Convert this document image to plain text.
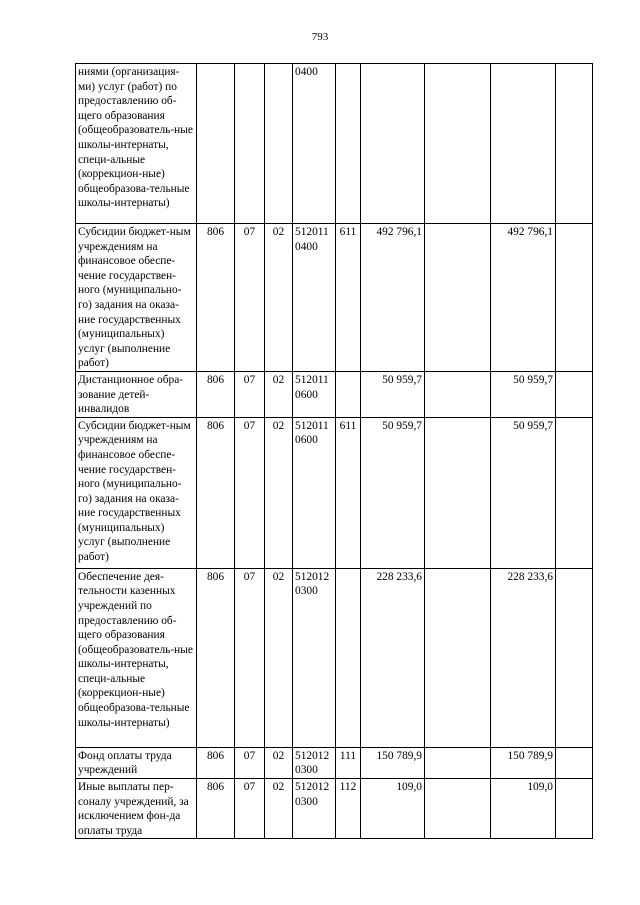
793
ниями (организация-ми) услуг (работ) по предоставлению об-щего образования (общеобразователь-ные школы-интернаты, специ-альные (коррекцион-ные) общеобразова-тельные школы-интернаты)				0400					
Субсидии бюджет-ным учреждениям на финансовое обеспе-чение государствен-ного (муниципально-го) задания на оказа-ние государственных (муниципальных) услуг (выполнение работ)	806	07	02	512011 0400	611	492 796,1		492 796,1	
Дистанционное обра-зование детей-инвалидов	806	07	02	512011 0600		50 959,7		50 959,7	
Субсидии бюджет-ным учреждениям на финансовое обеспе-чение государствен-ного (муниципально-го) задания на оказа-ние государственных (муниципальных) услуг (выполнение работ)	806	07	02	512011 0600	611	50 959,7		50 959,7	
Обеспечение дея-тельности казенных учреждений по предоставлению об-щего образования (общеобразователь-ные школы-интернаты, специ-альные (коррекцион-ные) общеобразова-тельные школы-интернаты)	806	07	02	512012 0300		228 233,6		228 233,6	
Фонд оплаты труда учреждений	806	07	02	512012 0300	111	150 789,9		150 789,9	
Иные выплаты пер-соналу учреждений, за исключением фон-да оплаты труда	806	07	02	512012 0300	112	109,0		109,0	
